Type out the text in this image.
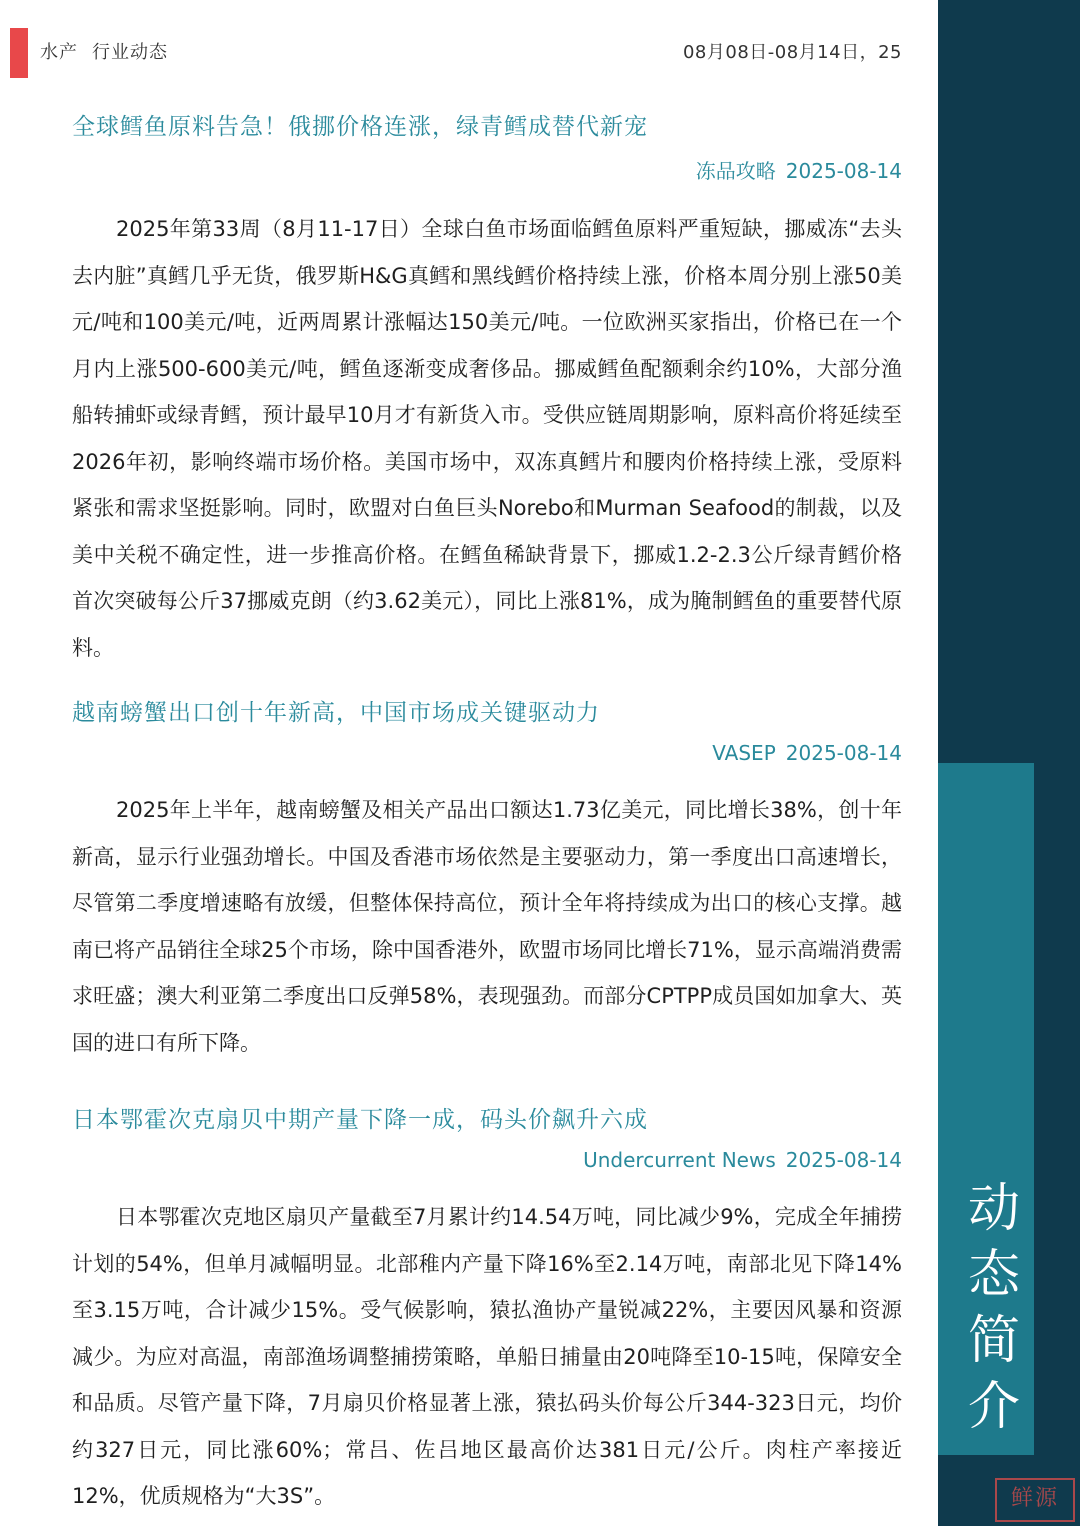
水产 行业动态	08月08日-08月14日，25
动
态
简
介
鲜源
全球鳕鱼原料告急！俄挪价格连涨，绿青鳕成替代新宠
冻品攻略 2025-08-14
2025年第33周（8月11-17日）全球白鱼市场面临鳕鱼原料严重短缺，挪威冻“去头去内脏”真鳕几乎无货，俄罗斯H&G真鳕和黑线鳕价格持续上涨，价格本周分别上涨50美元/吨和100美元/吨，近两周累计涨幅达150美元/吨。一位欧洲买家指出，价格已在一个月内上涨500-600美元/吨，鳕鱼逐渐变成奢侈品。挪威鳕鱼配额剩余约10%，大部分渔船转捕虾或绿青鳕，预计最早10月才有新货入市。受供应链周期影响，原料高价将延续至2026年初，影响终端市场价格。美国市场中，双冻真鳕片和腰肉价格持续上涨，受原料紧张和需求坚挺影响。同时，欧盟对白鱼巨头Norebo和Murman Seafood的制裁，以及美中关税不确定性，进一步推高价格。在鳕鱼稀缺背景下，挪威1.2-2.3公斤绿青鳕价格首次突破每公斤37挪威克朗（约3.62美元），同比上涨81%，成为腌制鳕鱼的重要替代原料。
越南螃蟹出口创十年新高，中国市场成关键驱动力
VASEP 2025-08-14
2025年上半年，越南螃蟹及相关产品出口额达1.73亿美元，同比增长38%，创十年新高，显示行业强劲增长。中国及香港市场依然是主要驱动力，第一季度出口高速增长，尽管第二季度增速略有放缓，但整体保持高位，预计全年将持续成为出口的核心支撑。越南已将产品销往全球25个市场，除中国香港外，欧盟市场同比增长71%，显示高端消费需求旺盛；澳大利亚第二季度出口反弹58%，表现强劲。而部分CPTPP成员国如加拿大、英国的进口有所下降。
日本鄂霍次克扇贝中期产量下降一成，码头价飙升六成
Undercurrent News 2025-08-14
日本鄂霍次克地区扇贝产量截至7月累计约14.54万吨，同比减少9%，完成全年捕捞计划的54%，但单月减幅明显。北部稚内产量下降16%至2.14万吨，南部北见下降14%至3.15万吨，合计减少15%。受气候影响，猿払渔协产量锐减22%，主要因风暴和资源减少。为应对高温，南部渔场调整捕捞策略，单船日捕量由20吨降至10-15吨，保障安全和品质。尽管产量下降，7月扇贝价格显著上涨，猿払码头价每公斤344-323日元，均价约327日元，同比涨60%；常吕、佐吕地区最高价达381日元/公斤。肉柱产率接近12%，优质规格为“大3S”。
